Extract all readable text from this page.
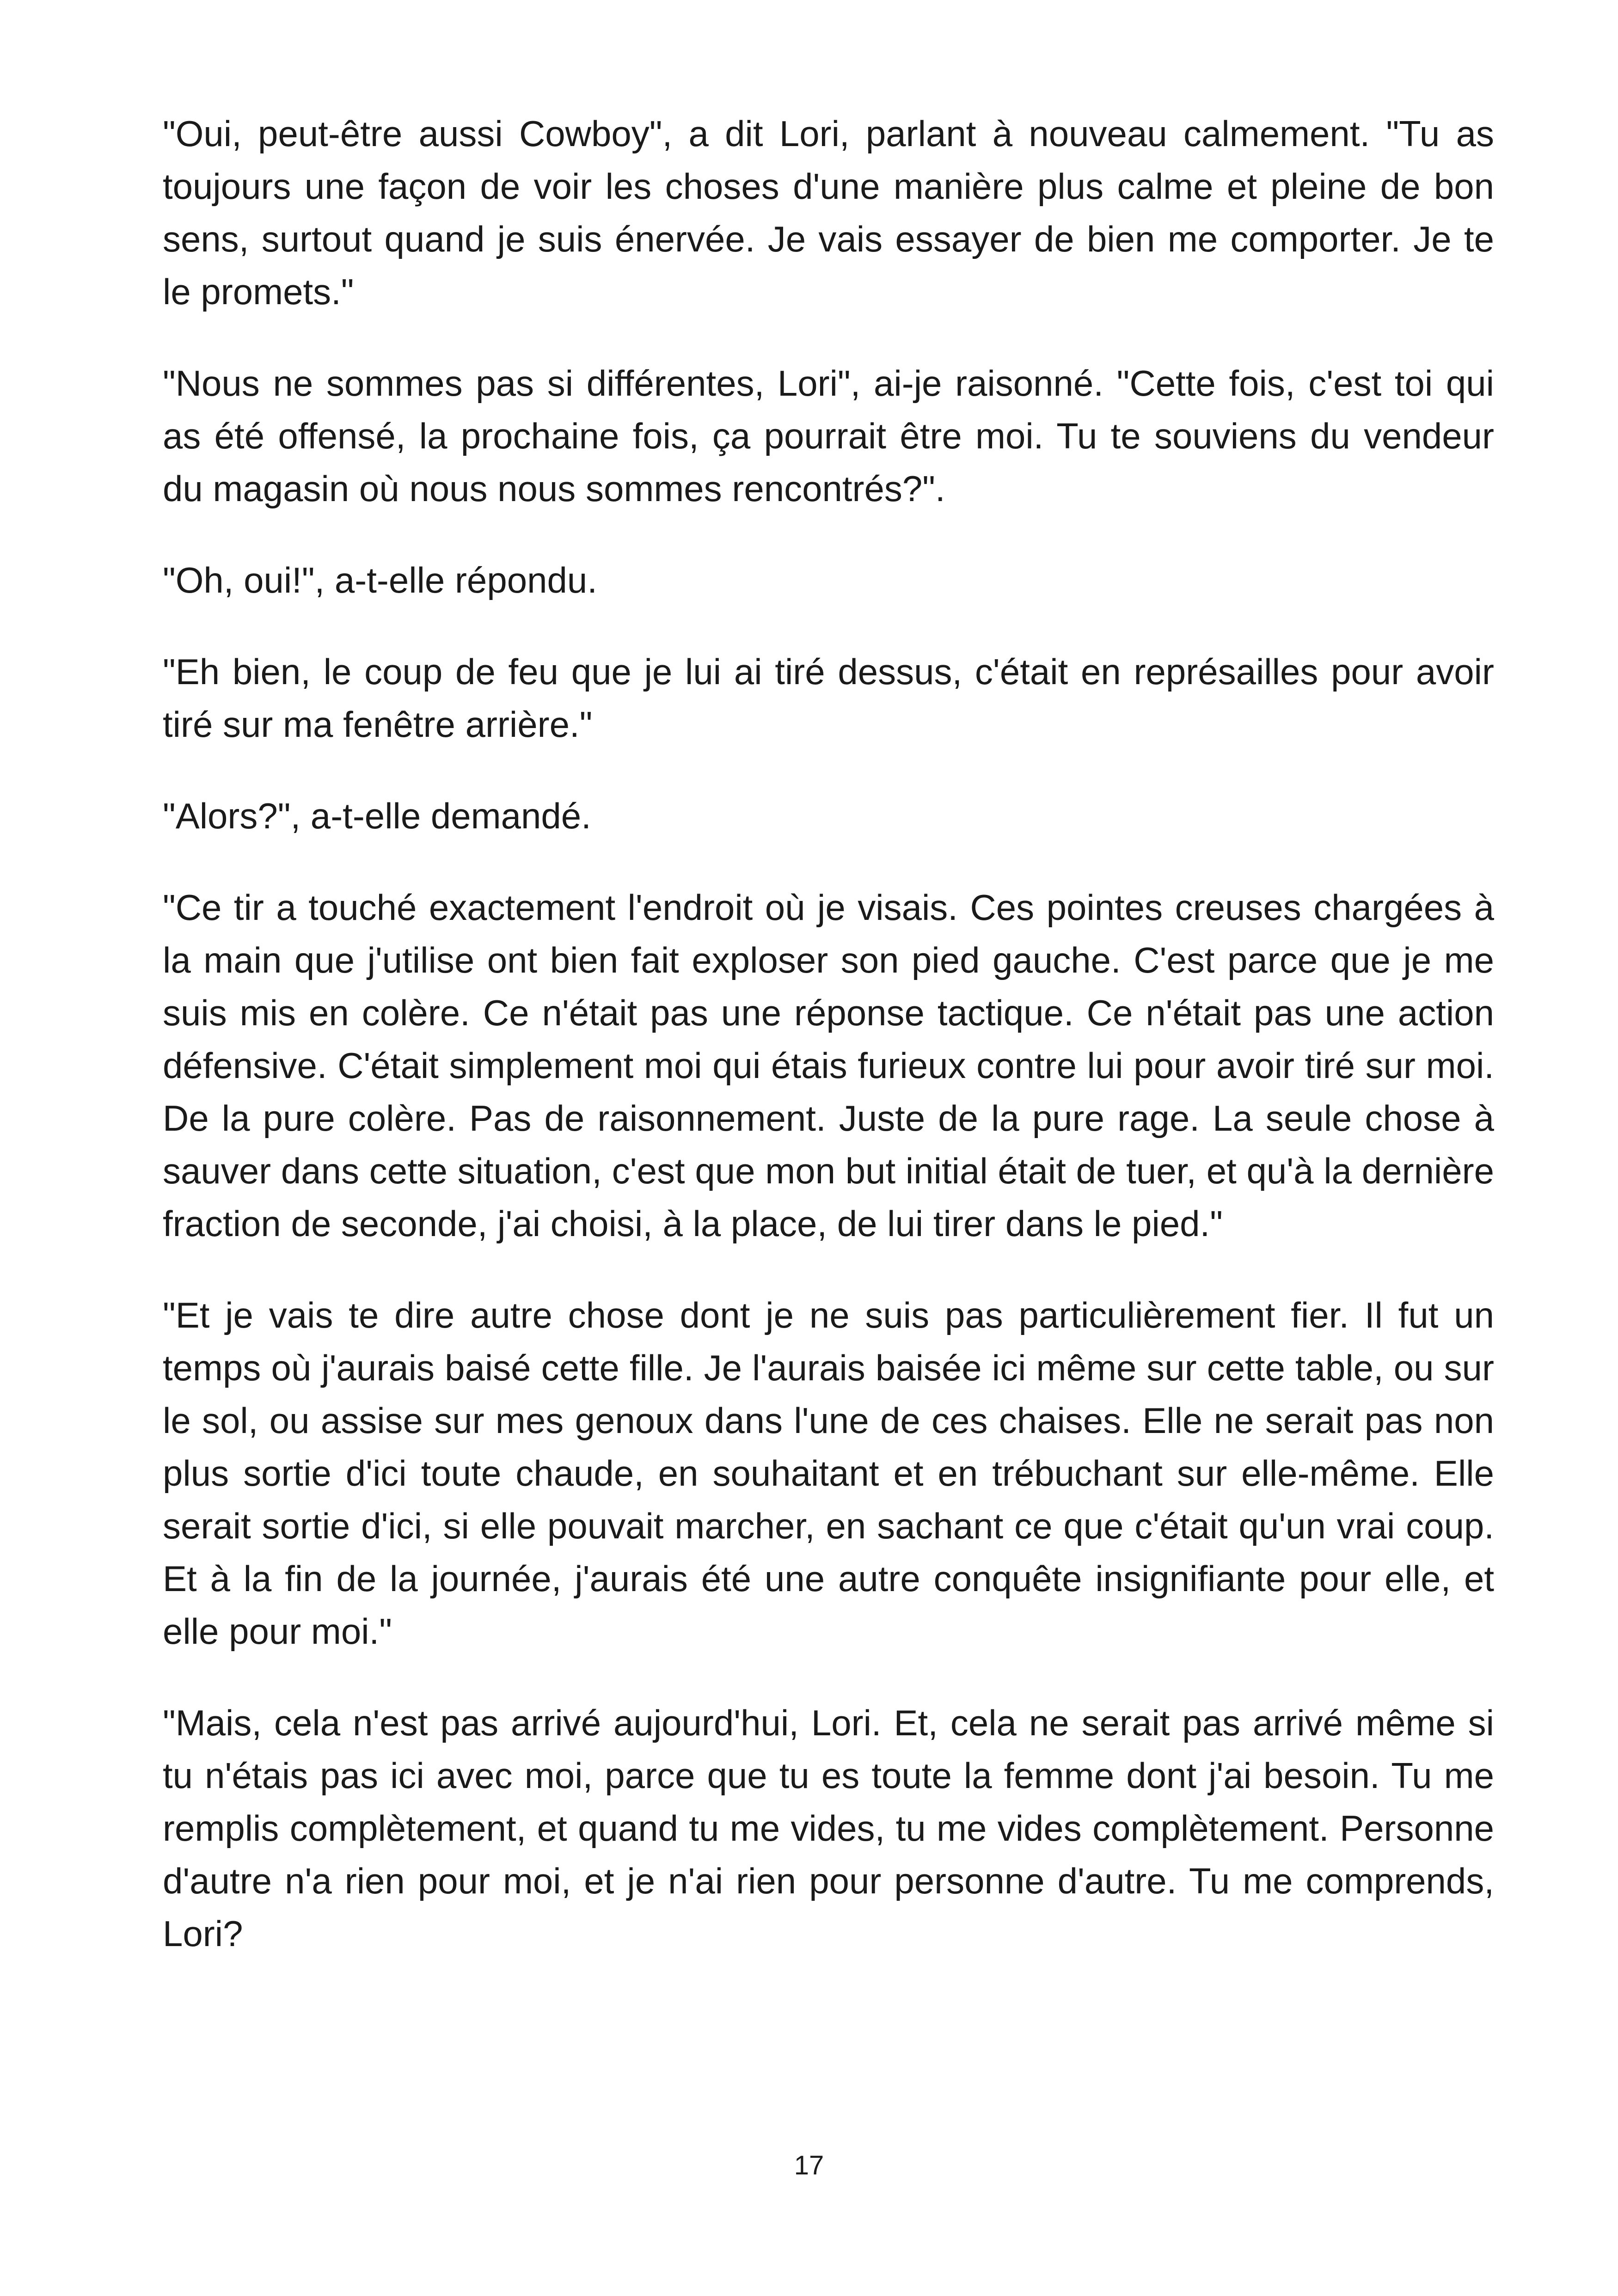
"Oui, peut-être aussi Cowboy", a dit Lori, parlant à nouveau calmement. "Tu as toujours une façon de voir les choses d'une manière plus calme et pleine de bon sens, surtout quand je suis énervée. Je vais essayer de bien me comporter. Je te le promets."

"Nous ne sommes pas si différentes, Lori", ai-je raisonné. "Cette fois, c'est toi qui as été offensé, la prochaine fois, ça pourrait être moi. Tu te souviens du vendeur du magasin où nous nous sommes rencontrés?".

"Oh, oui!", a-t-elle répondu.

"Eh bien, le coup de feu que je lui ai tiré dessus, c'était en représailles pour avoir tiré sur ma fenêtre arrière."

"Alors?", a-t-elle demandé.

"Ce tir a touché exactement l'endroit où je visais. Ces pointes creuses chargées à la main que j'utilise ont bien fait exploser son pied gauche. C'est parce que je me suis mis en colère. Ce n'était pas une réponse tactique. Ce n'était pas une action défensive. C'était simplement moi qui étais furieux contre lui pour avoir tiré sur moi. De la pure colère. Pas de raisonnement. Juste de la pure rage. La seule chose à sauver dans cette situation, c'est que mon but initial était de tuer, et qu'à la dernière fraction de seconde, j'ai choisi, à la place, de lui tirer dans le pied."

"Et je vais te dire autre chose dont je ne suis pas particulièrement fier. Il fut un temps où j'aurais baisé cette fille. Je l'aurais baisée ici même sur cette table, ou sur le sol, ou assise sur mes genoux dans l'une de ces chaises. Elle ne serait pas non plus sortie d'ici toute chaude, en souhaitant et en trébuchant sur elle-même. Elle serait sortie d'ici, si elle pouvait marcher, en sachant ce que c'était qu'un vrai coup. Et à la fin de la journée, j'aurais été une autre conquête insignifiante pour elle, et elle pour moi."

"Mais, cela n'est pas arrivé aujourd'hui, Lori. Et, cela ne serait pas arrivé même si tu n'étais pas ici avec moi, parce que tu es toute la femme dont j'ai besoin. Tu me remplis complètement, et quand tu me vides, tu me vides complètement. Personne d'autre n'a rien pour moi, et je n'ai rien pour personne d'autre. Tu me comprends, Lori?

17
